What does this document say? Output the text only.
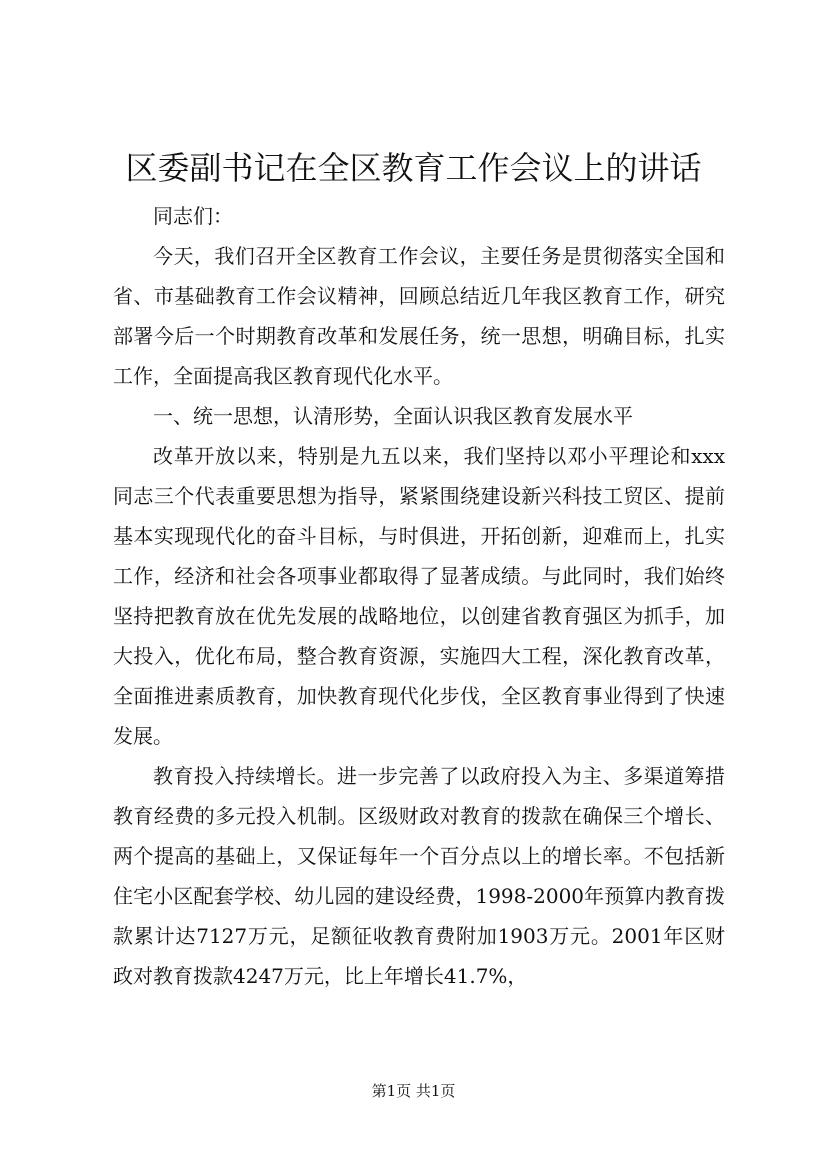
区委副书记在全区教育工作会议上的讲话

同志们：

今天，我们召开全区教育工作会议，主要任务是贯彻落实全国和省、市基础教育工作会议精神，回顾总结近几年我区教育工作，研究部署今后一个时期教育改革和发展任务，统一思想，明确目标，扎实工作，全面提高我区教育现代化水平。

一、统一思想，认清形势，全面认识我区教育发展水平

改革开放以来，特别是九五以来，我们坚持以邓小平理论和xxx同志三个代表重要思想为指导，紧紧围绕建设新兴科技工贸区、提前基本实现现代化的奋斗目标，与时俱进，开拓创新，迎难而上，扎实工作，经济和社会各项事业都取得了显著成绩。与此同时，我们始终坚持把教育放在优先发展的战略地位，以创建省教育强区为抓手，加大投入，优化布局，整合教育资源，实施四大工程，深化教育改革，全面推进素质教育，加快教育现代化步伐，全区教育事业得到了快速发展。

教育投入持续增长。进一步完善了以政府投入为主、多渠道筹措教育经费的多元投入机制。区级财政对教育的拨款在确保三个增长、两个提高的基础上，又保证每年一个百分点以上的增长率。不包括新住宅小区配套学校、幼儿园的建设经费，1998-2000年预算内教育拨款累计达7127万元，足额征收教育费附加1903万元。2001年区财政对教育拨款4247万元，比上年增长41.7%，

第1页 共1页
